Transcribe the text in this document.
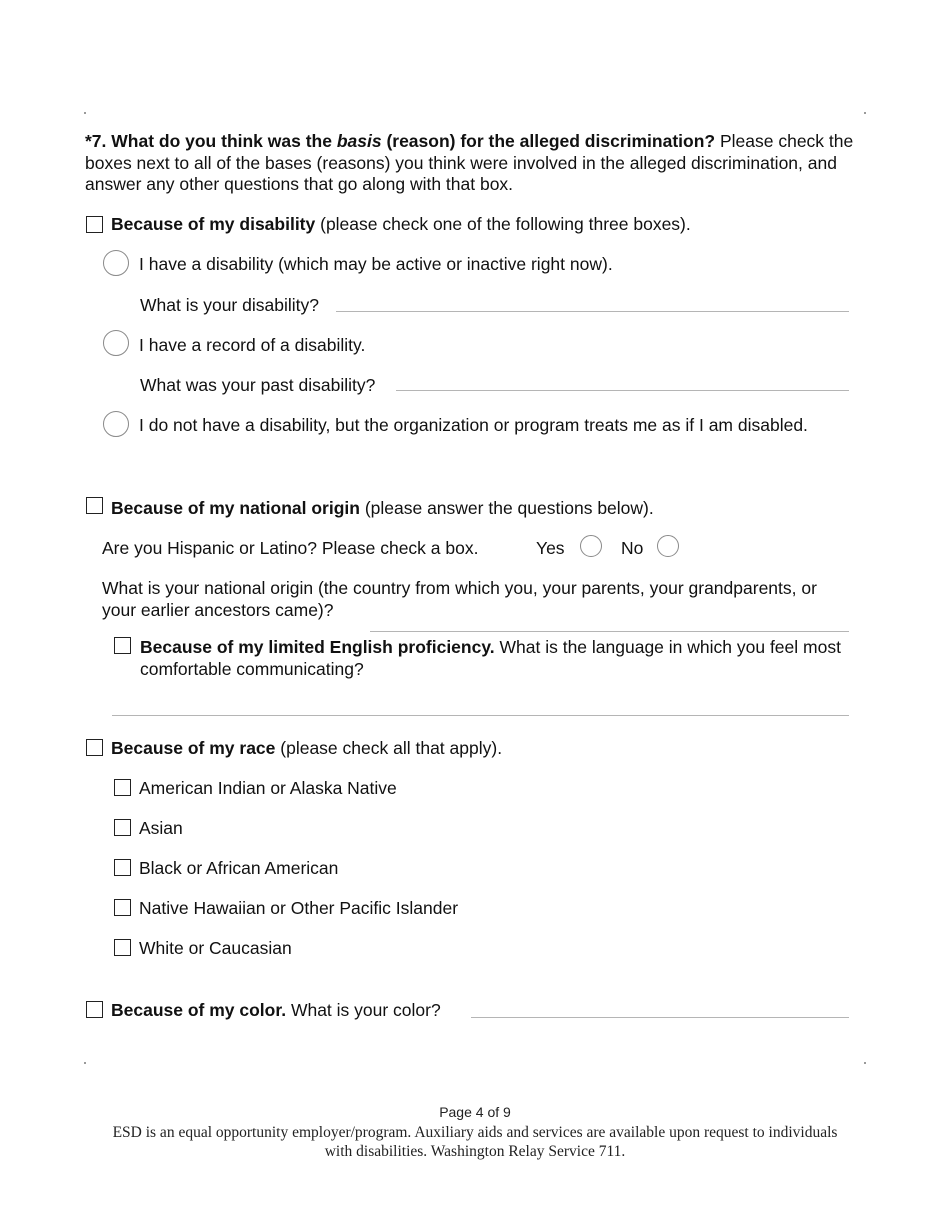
*7. What do you think was the basis (reason) for the alleged discrimination? Please check the boxes next to all of the bases (reasons) you think were involved in the alleged discrimination, and answer any other questions that go along with that box.
Because of my disability (please check one of the following three boxes).
I have a disability (which may be active or inactive right now).
What is your disability?
I have a record of a disability.
What was your past disability?
I do not have a disability, but the organization or program treats me as if I am disabled.
Because of my national origin (please answer the questions below).
Are you Hispanic or Latino? Please check a box.	Yes	No
What is your national origin (the country from which you, your parents, your grandparents, or your earlier ancestors came)?
Because of my limited English proficiency. What is the language in which you feel most comfortable communicating?
Because of my race (please check all that apply).
American Indian or Alaska Native
Asian
Black or African American
Native Hawaiian or Other Pacific Islander
White or Caucasian
Because of my color. What is your color?
Page 4 of 9
ESD is an equal opportunity employer/program. Auxiliary aids and services are available upon request to individuals with disabilities. Washington Relay Service 711.
